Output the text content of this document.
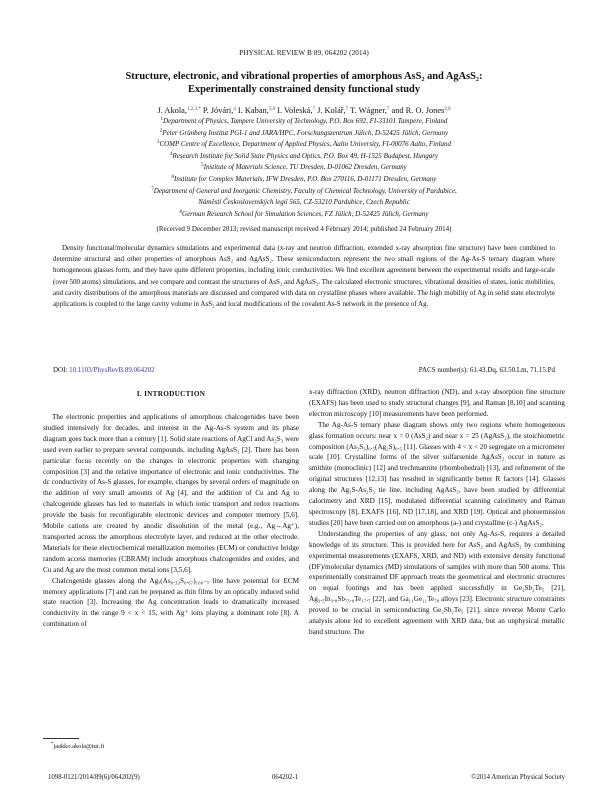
PHYSICAL REVIEW B 89, 064202 (2014)
Structure, electronic, and vibrational properties of amorphous AsS₂ and AgAsS₂:
Experimentally constrained density functional study
J. Akola,$^{1,2,3,*}$ P. Jóvári,$^4$ I. Kaban,$^{5,6}$ I. Voleská,$^7$ J. Kolář,$^7$ T. Wágner,$^7$ and R. O. Jones$^{2,8}$
$^1$Department of Physics, Tampere University of Technology, P.O. Box 692, FI-33101 Tampere, Finland
$^2$Peter Grünberg Institut PGI-1 and JARA/HPC, Forschungszentrum Jülich, D-52425 Jülich, Germany
$^3$COMP Centre of Excellence, Department of Applied Physics, Aalto University, FI-00076 Aalto, Finland
$^4$Research Institute for Solid State Physics and Optics, P.O. Box 49, H-1525 Budapest, Hungary
$^5$Institute of Materials Science, TU Dresden, D-01062 Dresden, Germany
$^6$Institute for Complex Materials, IFW Dresden, P.O. Box 270116, D-01171 Dresden, Germany
$^7$Department of General and Inorganic Chemistry, Faculty of Chemical Technology, University of Pardubice,
Náměstí Československých legií 565, CZ-53210 Pardubice, Czech Republic
$^8$German Research School for Simulation Sciences, FZ Jülich, D-52425 Jülich, Germany
(Received 9 December 2013; revised manuscript received 4 February 2014; published 24 February 2014)
Density functional/molecular dynamics simulations and experimental data (x-ray and neutron diffraction, extended x-ray absorption fine structure) have been combined to determine structural and other properties of amorphous AsS₂ and AgAsS₂. These semiconductors represent the two small regions of the Ag-As-S ternary diagram where homogeneous glasses form, and they have quite different properties, including ionic conductivities. We find excellent agreement between the experimental results and large-scale (over 500 atoms) simulations, and we compare and contrast the structures of AsS₂ and AgAsS₂. The calculated electronic structures, vibrational densities of states, ionic mobilities, and cavity distributions of the amorphous materials are discussed and compared with data on crystalline phases where available. The high mobility of Ag in solid state electrolyte applications is coupled to the large cavity volume in AsS₂ and local modifications of the covalent As-S network in the presence of Ag.
DOI: 10.1103/PhysRevB.89.064202	PACS number(s): 61.43.Dq, 63.50.Lm, 71.15.Pd
I. INTRODUCTION

The electronic properties and applications of amorphous chalcogenides have been studied intensively for decades, and interest in the Ag-As-S system and its phase diagram goes back more than a century [1]. Solid state reactions of AgCl and As₂S₃ were used even earlier to prepare several compounds, including AgAsS₂ [2]. There has been particular focus recently on the changes in electronic properties with changing composition [3] and the relative importance of electronic and ionic conductivities. The dc conductivity of As-S glasses, for example, changes by several orders of magnitude on the addition of very small amounts of Ag [4], and the addition of Cu and Ag to chalcogenide glasses has led to materials in which ionic transport and redox reactions provide the basis for reconfigurable electronic devices and computer memory [5,6]. Mobile cations are created by anodic dissolution of the metal (e.g., Ag→Ag⁺), transported across the amorphous electrolyte layer, and reduced at the other electrode. Materials for these electrochemical metallization memories (ECM) or conductive bridge random access memories (CBRAM) include amorphous chalcogenides and oxides, and Cu and Ag are the most common metal ions [3,5,6].

Chalcogenide glasses along the Agₓ(As₀.₃₃S₀.₆₇)₁₀₀₋ₓ line have potential for ECM memory applications [7] and can be prepared as thin films by an optically induced solid state reaction [3]. Increasing the Ag concentration leads to dramatically increased conductivity in the range 9 < x < 15, with Ag⁺ ions playing a dominant role [8]. A combination of

x-ray diffraction (XRD), neutron diffraction (ND), and x-ray absorption fine structure (EXAFS) has been used to study structural changes [9], and Raman [8,10] and scanning electron microscopy [10] measurements have been performed.

The Ag-As-S ternary phase diagram shows only two regions where homogeneous glass formation occurs: near x = 0 (AsS₂) and near x = 25 (AgAsS₂), the stoichiometric composition (As₂S₃)₀.₅(Ag₂S)₀.₅ [11]. Glasses with 4 < x < 20 segregate on a micrometer scale [10]. Crystalline forms of the silver sulfarsenide AgAsS₂ occur in nature as smithite (monoclinic) [12] and trechmannite (rhombohedral) [13], and refinement of the original structures [12,13] has resulted in significantly better R factors [14]. Glasses along the Ag₂S-As₂S₃ tie line, including AgAsS₂, have been studied by differential calorimetry and XRD [15], modulated differential scanning calorimetry and Raman spectroscopy [8], EXAFS [16], ND [17,18], and XRD [19]. Optical and photoemission studies [20] have been carried out on amorphous (a-) and crystalline (c-) AgAsS₂.

Understanding the properties of any glass, not only Ag-As-S, requires a detailed knowledge of its structure. This is provided here for AsS₂ and AgAsS₂ by combining experimental measurements (EXAFS, XRD, and ND) with extensive density functional (DF)/molecular dynamics (MD) simulations of samples with more than 500 atoms. This experimentally constrained DF approach treats the geometrical and electronic structures on equal footings and has been applied successfully in Ge₂Sb₂Te₅ [21], Ag₃.₅In₃.₈Sb₇₅.₀Te₁₇.₇ [22], and Ga₁₁Ge₁₁Te₇₈ alloys [23]. Electronic structure constraints proved to be crucial in semiconducting Ge₂Sb₂Te₅ [21], since reverse Monte Carlo analysis alone led to excellent agreement with XRD data, but an unphysical metallic band structure. The

*jaakko.akola@tut.fi
1098-0121/2014/89(6)/064202(9)	064202-1	©2014 American Physical Society
